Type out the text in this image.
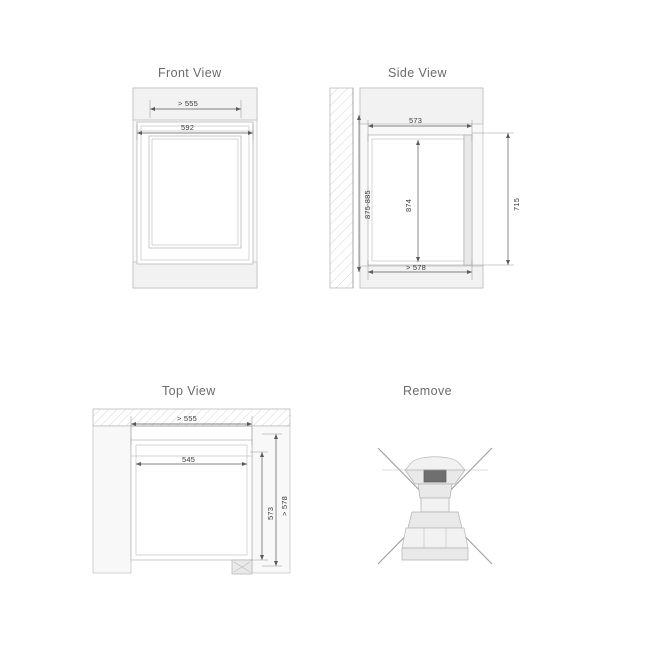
Front View
> 555
592
Side View
573
> 578
875-885	874	715
Top View
> 555
545
573 > 578
Remove
